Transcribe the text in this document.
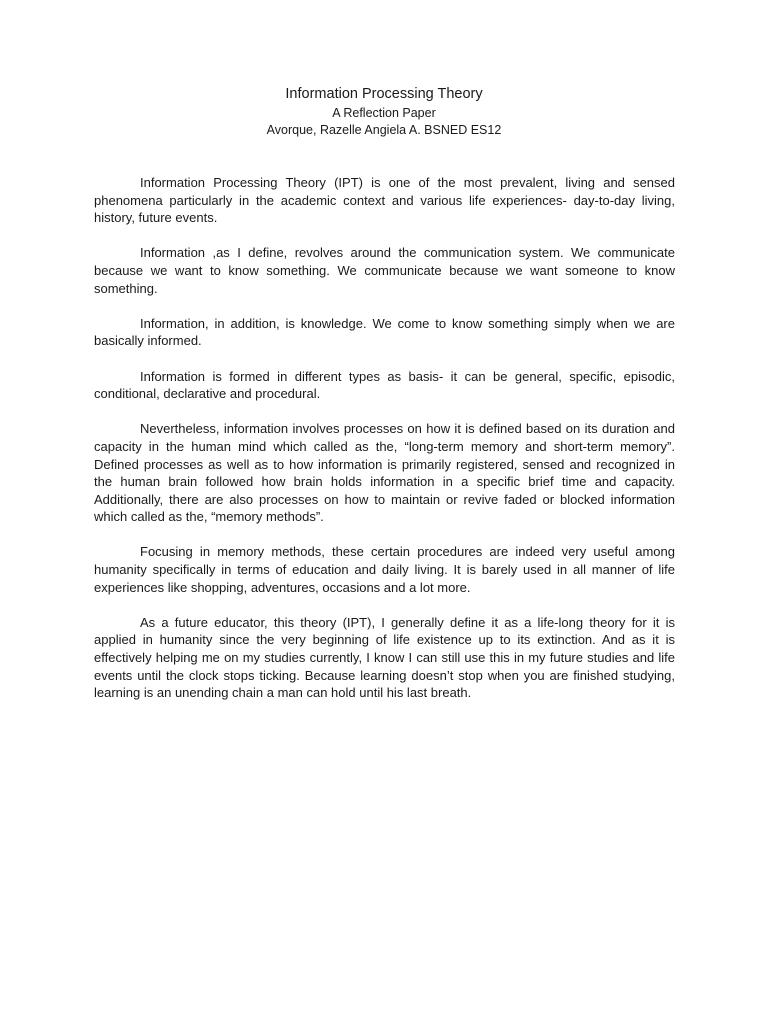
Information Processing Theory
A Reflection Paper
Avorque, Razelle Angiela A. BSNED ES12

Information Processing Theory (IPT) is one of the most prevalent, living and sensed phenomena particularly in the academic context and various life experiences- day-to-day living, history, future events.

Information ,as I define, revolves around the communication system. We communicate because we want to know something. We communicate because we want someone to know something.

Information, in addition, is knowledge. We come to know something simply when we are basically informed.

Information is formed in different types as basis- it can be general, specific, episodic, conditional, declarative and procedural.

Nevertheless, information involves processes on how it is defined based on its duration and capacity in the human mind which called as the, “long-term memory and short-term memory”. Defined processes as well as to how information is primarily registered, sensed and recognized in the human brain followed how brain holds information in a specific brief time and capacity. Additionally, there are also processes on how to maintain or revive faded or blocked information which called as the, “memory methods”.

Focusing in memory methods, these certain procedures are indeed very useful among humanity specifically in terms of education and daily living. It is barely used in all manner of life experiences like shopping, adventures, occasions and a lot more.

As a future educator, this theory (IPT), I generally define it as a life-long theory for it is applied in humanity since the very beginning of life existence up to its extinction. And as it is effectively helping me on my studies currently, I know I can still use this in my future studies and life events until the clock stops ticking. Because learning doesn’t stop when you are finished studying, learning is an unending chain a man can hold until his last breath.
